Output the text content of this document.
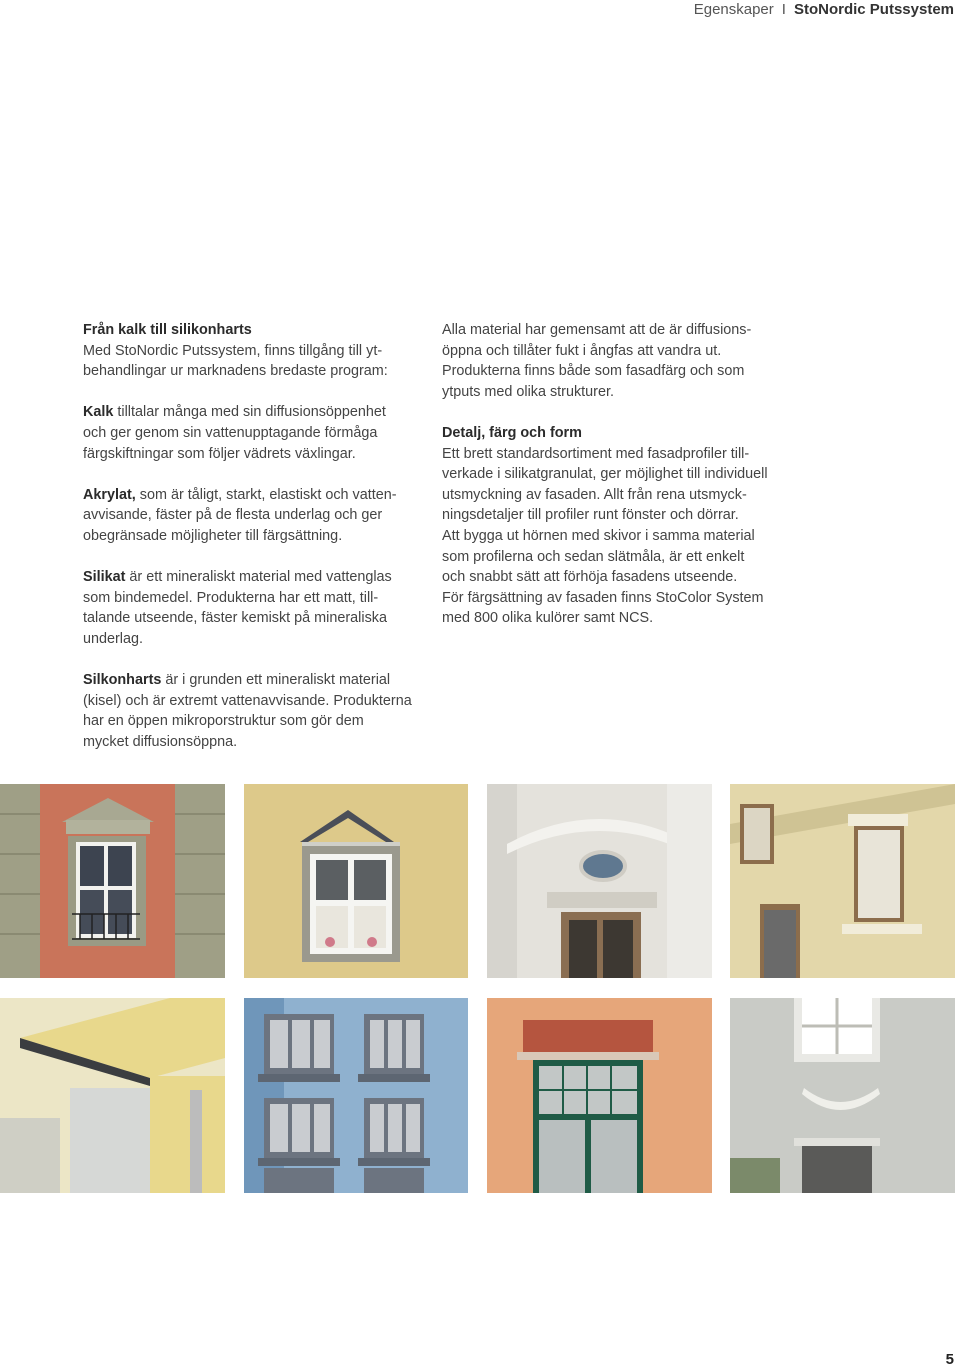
Egenskaper I StoNordic Putssystem

Från kalk till silikonharts
Med StoNordic Putssystem, finns tillgång till yt-
behandlingar ur marknadens bredaste program:

Kalk tilltalar många med sin diffusionsöppenhet
och ger genom sin vattenupptagande förmåga
färgskiftningar som följer vädrets växlingar.

Akrylat, som är tåligt, starkt, elastiskt och vatten-
avvisande, fäster på de flesta underlag och ger
obegränsade möjligheter till färgsättning.

Silikat är ett mineraliskt material med vattenglas
som bindemedel. Produkterna har ett matt, till-
talande utseende, fäster kemiskt på mineraliska
underlag.

Silkonharts är i grunden ett mineraliskt material
(kisel) och är extremt vattenavvisande. Produkterna
har en öppen mikroporstruktur som gör dem
mycket diffusionsöppna.

Alla material har gemensamt att de är diffusions-
öppna och tillåter fukt i ångfas att vandra ut.
Produkterna finns både som fasadfärg och som
ytputs med olika strukturer.

Detalj, färg och form
Ett brett standardsortiment med fasadprofiler till-
verkade i silikatgranulat, ger möjlighet till individuell
utsmyckning av fasaden. Allt från rena utsmyck-
ningsdetaljer till profiler runt fönster och dörrar.
Att bygga ut hörnen med skivor i samma material
som profilerna och sedan slätmåla, är ett enkelt
och snabbt sätt att förhöja fasadens utseende.
För färgsättning av fasaden finns StoColor System
med 800 olika kulörer samt NCS.

5
